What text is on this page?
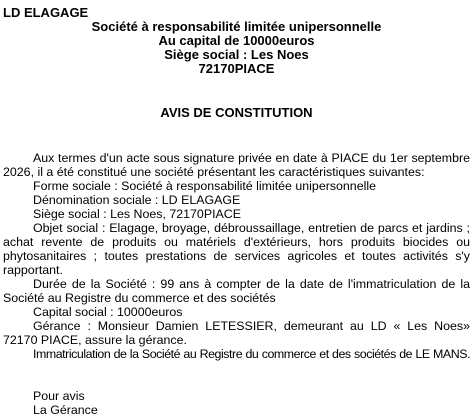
LD ELAGAGE
Société à responsabilité limitée unipersonnelle
Au capital de 10000euros
Siège social : Les Noes
72170PIACE
AVIS DE CONSTITUTION

Aux termes d'un acte sous signature privée en date à PIACE du 1er septembre 2026, il a été constitué une société présentant les caractéristiques suivantes:

Forme sociale : Société à responsabilité limitée unipersonnelle

Dénomination sociale : LD ELAGAGE

Siège social : Les Noes, 72170PIACE

Objet social : Elagage, broyage, débroussaillage, entretien de parcs et jardins ; achat revente de produits ou matériels d'extérieurs, hors produits biocides ou phytosanitaires ; toutes prestations de services agricoles et toutes activités s'y rapportant.

Durée de la Société : 99 ans à compter de la date de l'immatriculation de la Société au Registre du commerce et des sociétés

Capital social : 10000euros

Gérance : Monsieur Damien LETESSIER, demeurant au LD « Les Noes» 72170 PIACE, assure la gérance.

Immatriculation de la Société au Registre du commerce et des sociétés de LE MANS.

Pour avis
La Gérance
